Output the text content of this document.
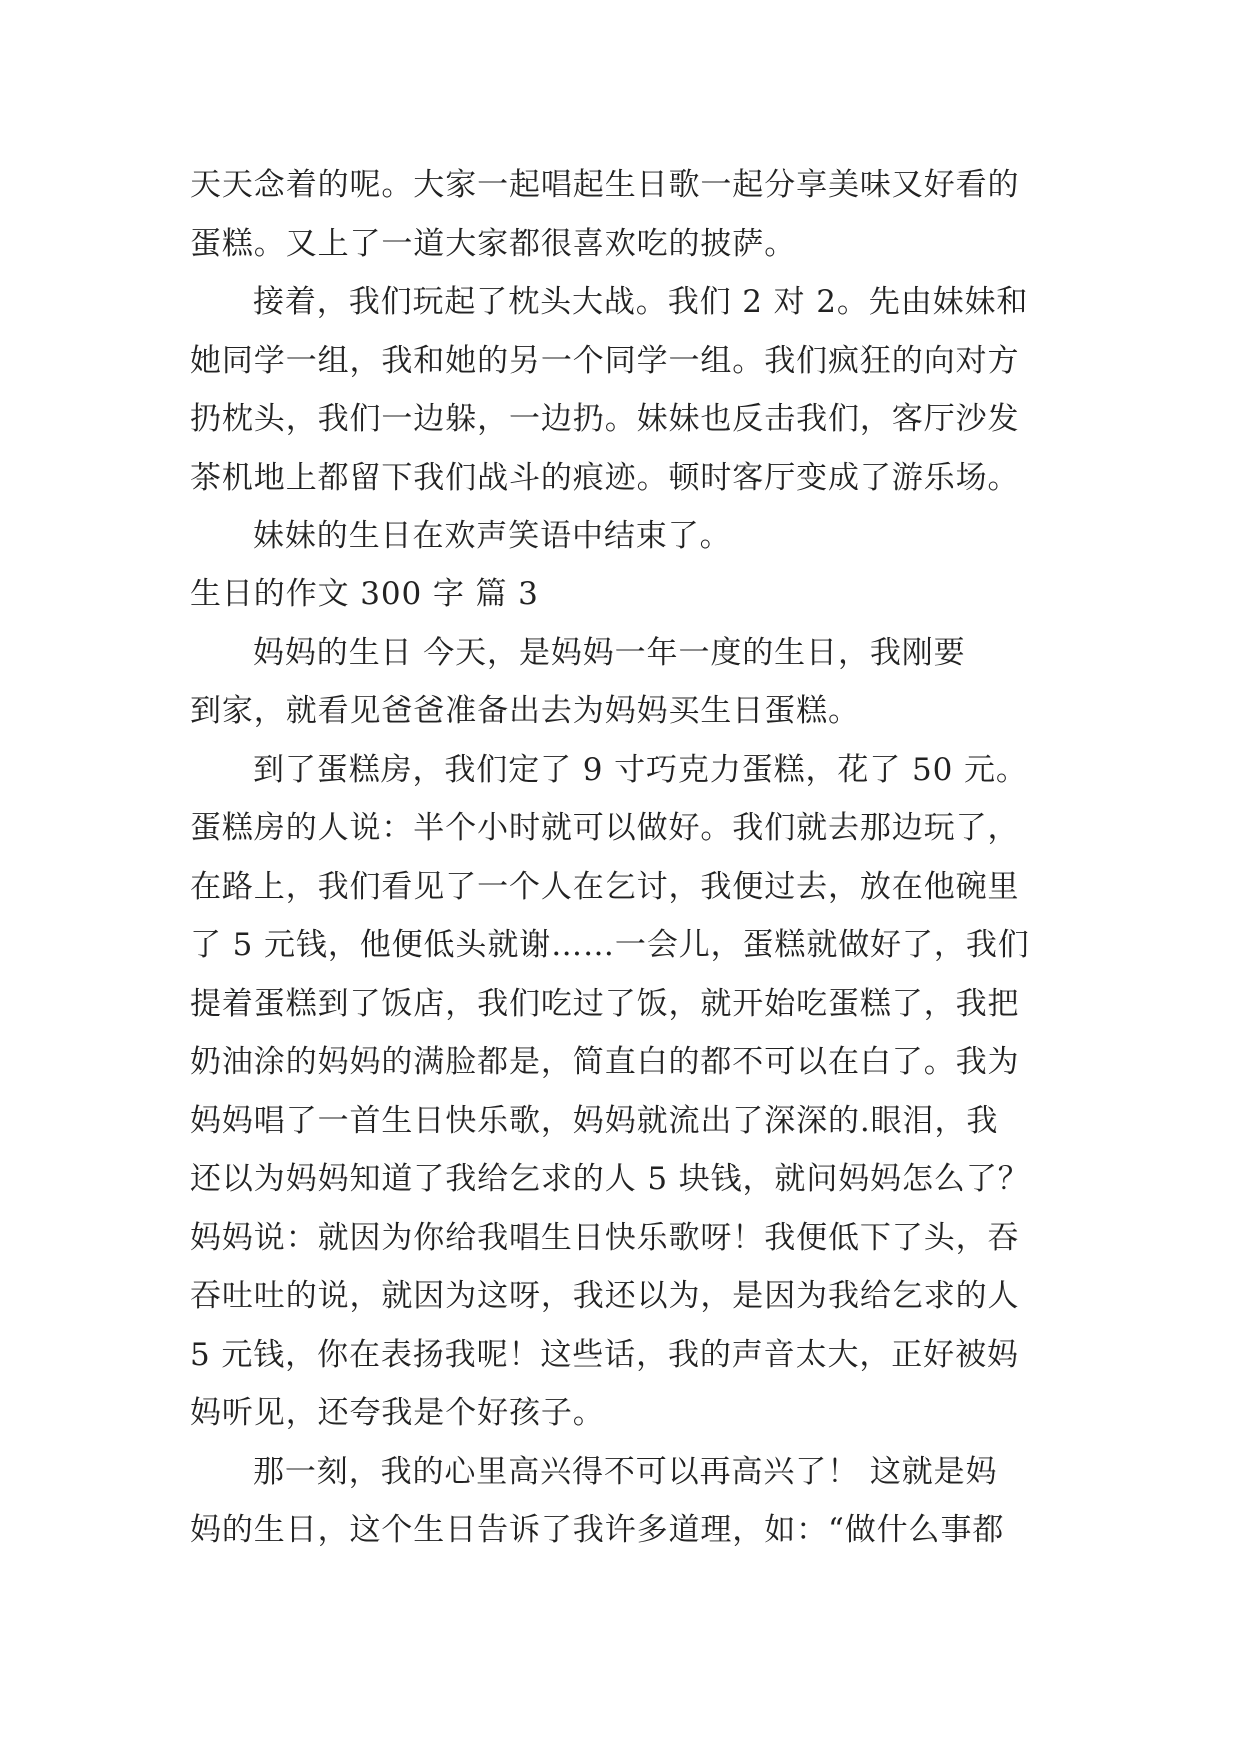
天天念着的呢。大家一起唱起生日歌一起分享美味又好看的
蛋糕。又上了一道大家都很喜欢吃的披萨。
接着，我们玩起了枕头大战。我们 2 对 2。先由妹妹和
她同学一组，我和她的另一个同学一组。我们疯狂的向对方
扔枕头，我们一边躲，一边扔。妹妹也反击我们，客厅沙发
茶机地上都留下我们战斗的痕迹。顿时客厅变成了游乐场。
妹妹的生日在欢声笑语中结束了。
生日的作文 300 字 篇 3
妈妈的生日 今天，是妈妈一年一度的生日，我刚要
到家，就看见爸爸准备出去为妈妈买生日蛋糕。
到了蛋糕房，我们定了 9 寸巧克力蛋糕，花了 50 元。
蛋糕房的人说：半个小时就可以做好。我们就去那边玩了，
在路上，我们看见了一个人在乞讨，我便过去，放在他碗里
了 5 元钱，他便低头就谢……一会儿，蛋糕就做好了，我们
提着蛋糕到了饭店，我们吃过了饭，就开始吃蛋糕了，我把
奶油涂的妈妈的满脸都是，简直白的都不可以在白了。我为
妈妈唱了一首生日快乐歌，妈妈就流出了深深的.眼泪，我
还以为妈妈知道了我给乞求的人 5 块钱，就问妈妈怎么了？
妈妈说：就因为你给我唱生日快乐歌呀！我便低下了头，吞
吞吐吐的说，就因为这呀，我还以为，是因为我给乞求的人
5 元钱，你在表扬我呢！这些话，我的声音太大，正好被妈
妈听见，还夸我是个好孩子。
那一刻，我的心里高兴得不可以再高兴了！ 这就是妈
妈的生日，这个生日告诉了我许多道理，如：“做什么事都
